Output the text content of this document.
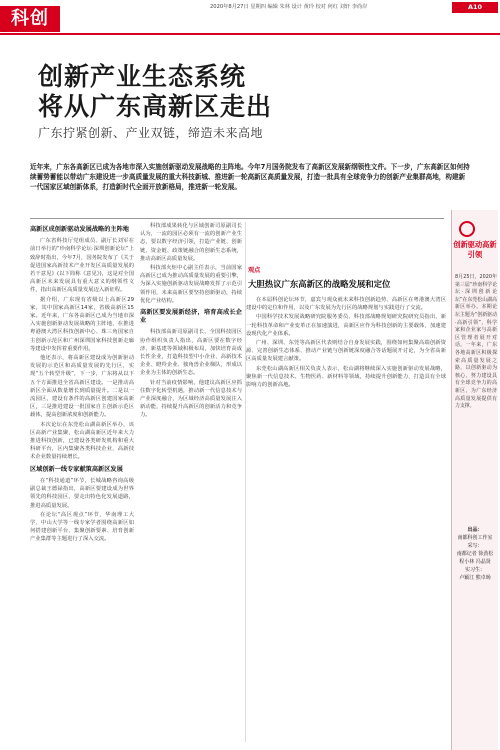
科创
2020年8月27日 星期四 编辑 朱林 设计 黄玲 校对 何红 刘轩 李尚岸	A10
创新产业生态系统
将从广东高新区走出
广东拧紧创新、产业双链，缔造未来高地
近年来，广东各高新区已成为各地市深入实施创新驱动发展战略的主阵地。今年7月国务院发布了高新区发展新纲领性文件。下一步，广东高新区如何持续蓄势蓄能以带动广东建设进一步高质量发展的重大科技新城、推进新一轮高新区高质量发展，打造一批具有全球竞争力的创新产业集群高地，构建新一代国家区域创新体系，打造新时代全面开放新格局，推进新一轮发展。
高新区成创新驱动发展战略的主阵地

广东省科技厅党组成员、副厅长刘军在前日举行的“珍南科学论坛·深圳创新论坛”上致辞时指出，今年7月，国务院发布了《关于促进国家高新技术产业开发区高质量发展的若干意见》(以下简称《意见》)，这是对全国高新区未来发展具有重大意义的纲领性文件，指出高新区高质量发展迈入新征程。

据介绍，广东现有省级以上高新区29家，其中国家高新区14家，省级高新区15家。近年来，广东各高新区已成为当地市深入实施创新驱动发展战略的主阵地，在推进粤港澳大湾区科技创新中心、珠三角国家自主创新示范区和广州深圳国家科技创新走廊等建设中发挥着重要作用。

他还表示，将高新区建设成为创新驱动发展的示范区和高质量发展的先行区，实现“五个转型升级”，下一步，广东将从以下五个方面推进全省高新区建设。一是推动高新区全面从数量增长到质量提升。二是以一流园区，建设有条件的高新区创建国家高新区，三是推进建设一批国家自主创新示范区载体，提高创新浓度和创新能力。

本次论坛在东莞松山湖高新区举办，该区高新产业集聚，松山湖高新区近年来大力推进科技创新，已建设各类研发机构和重大科研平台，区内集聚各类科技企业，高新技术企业数量持续增长。

区域创新一线专家献策高新区发展

在“科技通道”环节，长城战略咨询高级副总裁王德禄指出，高新区要建设成为世界领先的科技园区，要走出特色化发展道路，推进高质量发展。

在论坛“高区观点”环节，华南理工大学、中山大学等一线专家学者围绕高新区如何搭建创新平台、集聚创新要素、培育创新产业集群等主题进行了深入交流。

科技部成果转化与区域创新司原副司长认为，一流的园区必须有一流的创新产业生态，要以数字经济引领，打造产业链、创新链、资金链、政策链融合的创新生态系统，推动高新区高质量发展。

科技部火炬中心副主任表示，当前国家高新区已成为推动高质量发展的重要引擎，为深入实施创新驱动发展战略发挥了示范引领作用，未来高新区要坚持创新驱动，持续优化产业结构。

高新区要发展新经济，培育高成长企业

科技部高新司原副司长、全国科技园区协作组织负责人指出，高新区要在数字经济、新基建等领域积极布局，加快培育高成长性企业，打造科技型中小企业、高新技术企业、瞪羚企业、独角兽企业梯队，形成以企业为主体的创新生态。

针对当前疫情影响，他建议高新区应抓住数字化转型机遇，推动新一代信息技术与产业深度融合，为区域经济高质量发展注入新动能，持续提升高新区的创新活力和竞争力。

观点
大胆热议广东高新区的战略发展和定位

在本届科创论坛环节，嘉宾与观众就未来科技创新趋势、高新区在粤港澳大湾区建设中的定位和作用，以及广东发展为先行区的战略规划与实践进行了交流。

中国科学技术发展战略研究院服务委员、科技部战略规划研究院研究员指出，新一轮科技革命和产业变革正在加速演进，高新区应作为科技创新的主要载体，加速建设现代化产业体系。

广州、深圳、东莞等高新区代表则结合自身发展实践，围绕如何集聚高端创新资源、完善创新生态体系、推动产业链与创新链深度融合等话题展开讨论，为全省高新区高质量发展建言献策。

东莞松山湖高新区相关负责人表示，松山湖将继续深入实施创新驱动发展战略，聚焦新一代信息技术、生物医药、新材料等领域，持续提升创新能力，打造具有全球影响力的创新高地。

创新驱动高新引领
8月25日，2020年第三届“珍南科学论坛·深圳创新论坛”在东莞松山湖高新区举办。本期论坛主题为“创新驱动·高新引领”，科学家和企业家与高新区管理者展开对话。一年来，广东各地高新区积极探索高质量发展之路，以创新驱动为核心，努力建设具有全球竞争力的高新区，为广东经济高质量发展提供有力支撑。
出品：
南都科创工作室
采写：
南都记者 徐劲松
程小林 冯晶贤
实习生：
卢颖江 熊卓旸
